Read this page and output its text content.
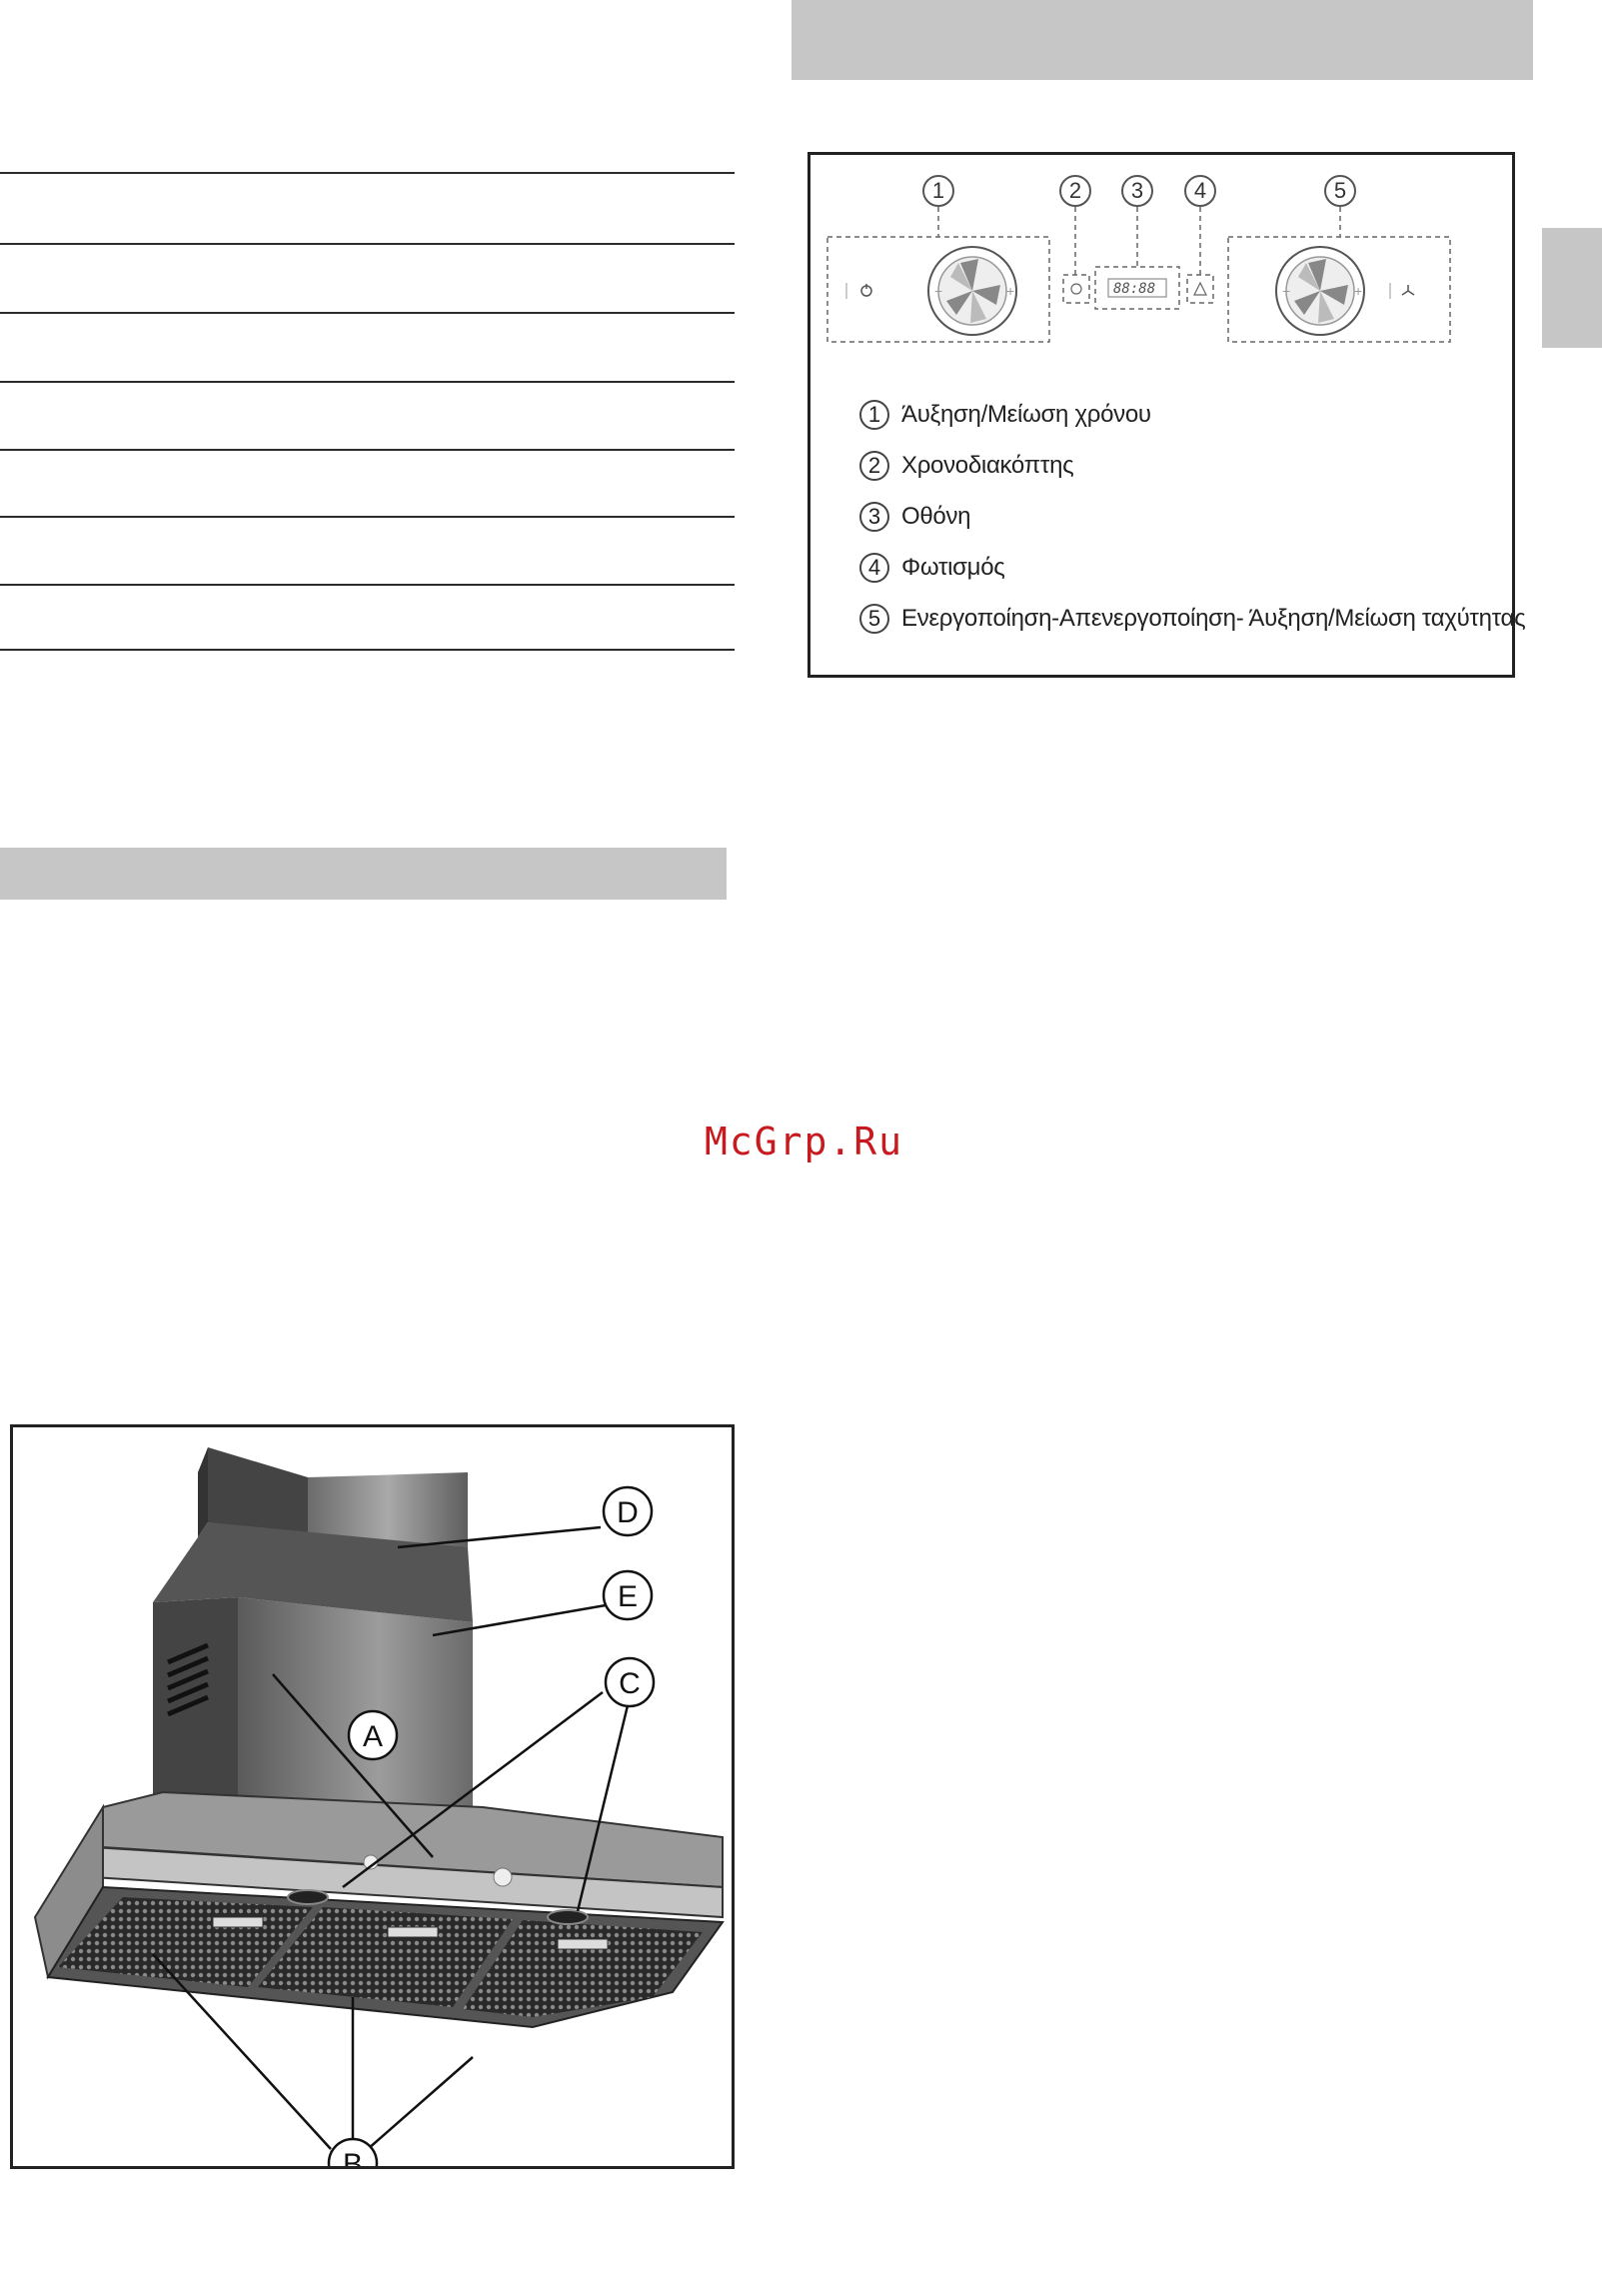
1	2	3	4	5
−	+	88:88	−	+
1 Άυξηση/Μείωση χρόνου
2 Χρονοδιακόπτης
3 Οθόνη
4 Φωτισμός
5 Ενεργοποίηση-Απενεργοποίηση- Άυξηση/Μείωση ταχύτητας
McGrp.Ru
D
E
C
A
B
